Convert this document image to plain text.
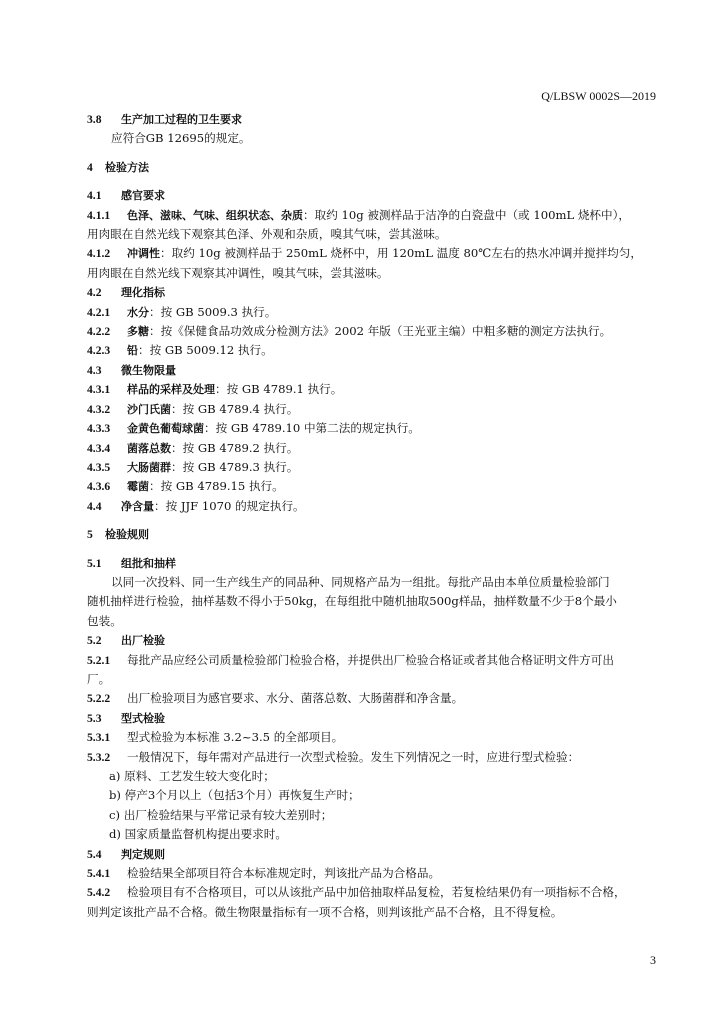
Q/LBSW 0002S—2019
3.8 生产加工过程的卫生要求
应符合GB 12695的规定。
4 检验方法
4.1 感官要求
4.1.1 色泽、滋味、气味、组织状态、杂质：取约 10g 被测样品于洁净的白瓷盘中（或 100mL 烧杯中），
用肉眼在自然光线下观察其色泽、外观和杂质，嗅其气味，尝其滋味。
4.1.2 冲调性：取约 10g 被测样品于 250mL 烧杯中，用 120mL 温度 80℃左右的热水冲调并搅拌均匀，
用肉眼在自然光线下观察其冲调性，嗅其气味，尝其滋味。
4.2 理化指标
4.2.1 水分：按 GB 5009.3 执行。
4.2.2 多糖：按《保健食品功效成分检测方法》2002 年版（王光亚主编）中粗多糖的测定方法执行。
4.2.3 铅：按 GB 5009.12 执行。
4.3 微生物限量
4.3.1 样品的采样及处理：按 GB 4789.1 执行。
4.3.2 沙门氏菌：按 GB 4789.4 执行。
4.3.3 金黄色葡萄球菌：按 GB 4789.10 中第二法的规定执行。
4.3.4 菌落总数：按 GB 4789.2 执行。
4.3.5 大肠菌群：按 GB 4789.3 执行。
4.3.6 霉菌：按 GB 4789.15 执行。
4.4 净含量：按 JJF 1070 的规定执行。
5 检验规则
5.1 组批和抽样
以同一次投料、同一生产线生产的同品种、同规格产品为一组批。每批产品由本单位质量检验部门
随机抽样进行检验，抽样基数不得小于50kg，在每组批中随机抽取500g样品，抽样数量不少于8个最小
包装。
5.2 出厂检验
5.2.1 每批产品应经公司质量检验部门检验合格，并提供出厂检验合格证或者其他合格证明文件方可出
厂。
5.2.2 出厂检验项目为感官要求、水分、菌落总数、大肠菌群和净含量。
5.3 型式检验
5.3.1 型式检验为本标准 3.2~3.5 的全部项目。
5.3.2 一般情况下，每年需对产品进行一次型式检验。发生下列情况之一时，应进行型式检验：
a) 原料、工艺发生较大变化时；
b) 停产3个月以上（包括3个月）再恢复生产时；
c) 出厂检验结果与平常记录有较大差别时；
d) 国家质量监督机构提出要求时。
5.4 判定规则
5.4.1 检验结果全部项目符合本标准规定时，判该批产品为合格品。
5.4.2 检验项目有不合格项目，可以从该批产品中加倍抽取样品复检，若复检结果仍有一项指标不合格，
则判定该批产品不合格。微生物限量指标有一项不合格，则判该批产品不合格，且不得复检。
3
